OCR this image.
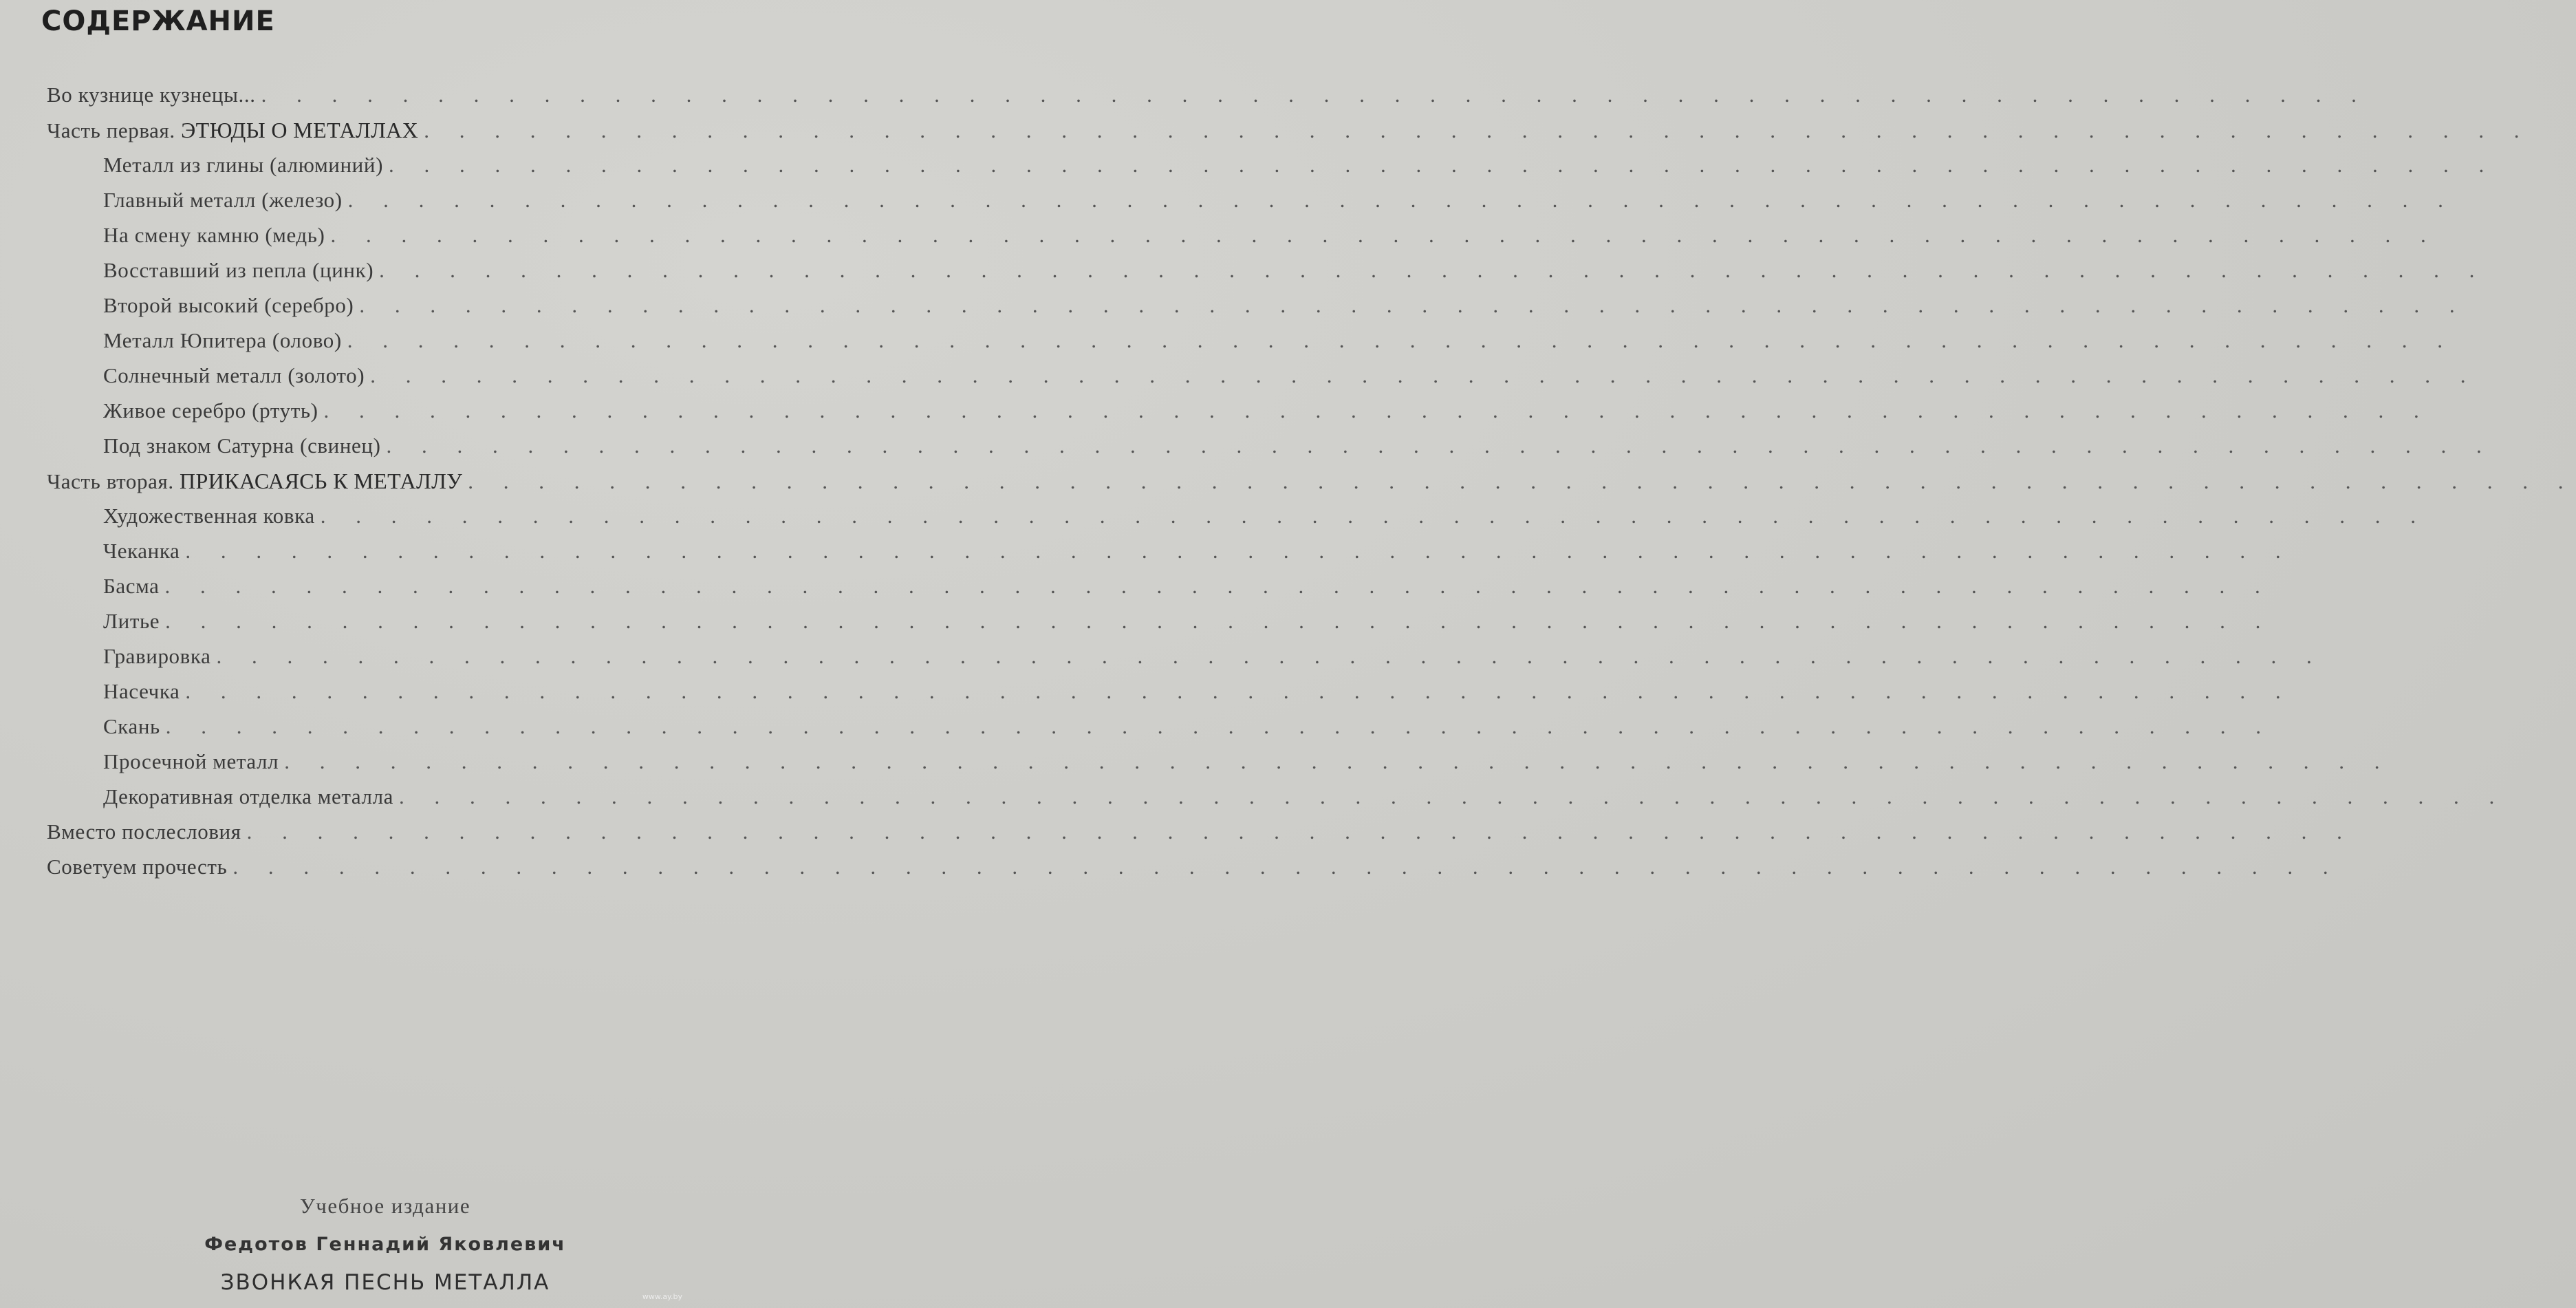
СОДЕРЖАНИЕ
Во кузнице кузнецы... . . . . . . . . . . . . . . . . . . . . . . . . . . . . . . . . . . . . . . . . . . . . . . . . . . . . . . . . . . . .
Часть первая. ЭТЮДЫ О МЕТАЛЛАХ . . . . . . . . . . . . . . . . . . . . . . . . . . . . . . . . . . . . . . . . . . . . . . . . . . . . . . . . . . . .
Металл из глины (алюминий) . . . . . . . . . . . . . . . . . . . . . . . . . . . . . . . . . . . . . . . . . . . . . . . . . . . . . . . . . . . .
Главный металл (железо) . . . . . . . . . . . . . . . . . . . . . . . . . . . . . . . . . . . . . . . . . . . . . . . . . . . . . . . . . . . .
На смену камню (медь) . . . . . . . . . . . . . . . . . . . . . . . . . . . . . . . . . . . . . . . . . . . . . . . . . . . . . . . . . . . .
Восставший из пепла (цинк) . . . . . . . . . . . . . . . . . . . . . . . . . . . . . . . . . . . . . . . . . . . . . . . . . . . . . . . . . . . .
Второй высокий (серебро) . . . . . . . . . . . . . . . . . . . . . . . . . . . . . . . . . . . . . . . . . . . . . . . . . . . . . . . . . . . .
Металл Юпитера (олово) . . . . . . . . . . . . . . . . . . . . . . . . . . . . . . . . . . . . . . . . . . . . . . . . . . . . . . . . . . . .
Солнечный металл (золото) . . . . . . . . . . . . . . . . . . . . . . . . . . . . . . . . . . . . . . . . . . . . . . . . . . . . . . . . . . . .
Живое серебро (ртуть) . . . . . . . . . . . . . . . . . . . . . . . . . . . . . . . . . . . . . . . . . . . . . . . . . . . . . . . . . . . .
Под знаком Сатурна (свинец) . . . . . . . . . . . . . . . . . . . . . . . . . . . . . . . . . . . . . . . . . . . . . . . . . . . . . . . . . . . .
Часть вторая. ПРИКАСАЯСЬ К МЕТАЛЛУ . . . . . . . . . . . . . . . . . . . . . . . . . . . . . . . . . . . . . . . . . . . . . . . . . . . . . . . . . . . .
Художественная ковка . . . . . . . . . . . . . . . . . . . . . . . . . . . . . . . . . . . . . . . . . . . . . . . . . . . . . . . . . . . .
Чеканка . . . . . . . . . . . . . . . . . . . . . . . . . . . . . . . . . . . . . . . . . . . . . . . . . . . . . . . . . . . .
Басма . . . . . . . . . . . . . . . . . . . . . . . . . . . . . . . . . . . . . . . . . . . . . . . . . . . . . . . . . . . .
Литье . . . . . . . . . . . . . . . . . . . . . . . . . . . . . . . . . . . . . . . . . . . . . . . . . . . . . . . . . . . .
Гравировка . . . . . . . . . . . . . . . . . . . . . . . . . . . . . . . . . . . . . . . . . . . . . . . . . . . . . . . . . . . .
Насечка . . . . . . . . . . . . . . . . . . . . . . . . . . . . . . . . . . . . . . . . . . . . . . . . . . . . . . . . . . . .
Скань . . . . . . . . . . . . . . . . . . . . . . . . . . . . . . . . . . . . . . . . . . . . . . . . . . . . . . . . . . . .
Просечной металл . . . . . . . . . . . . . . . . . . . . . . . . . . . . . . . . . . . . . . . . . . . . . . . . . . . . . . . . . . . .
Декоративная отделка металла . . . . . . . . . . . . . . . . . . . . . . . . . . . . . . . . . . . . . . . . . . . . . . . . . . . . . . . . . . . .
Вместо послесловия . . . . . . . . . . . . . . . . . . . . . . . . . . . . . . . . . . . . . . . . . . . . . . . . . . . . . . . . . . . .
Советуем прочесть . . . . . . . . . . . . . . . . . . . . . . . . . . . . . . . . . . . . . . . . . . . . . . . . . . . . . . . . . . . .
Учебное издание
Федотов Геннадий Яковлевич
ЗВОНКАЯ ПЕСНЬ МЕТАЛЛА
www.ay.by
